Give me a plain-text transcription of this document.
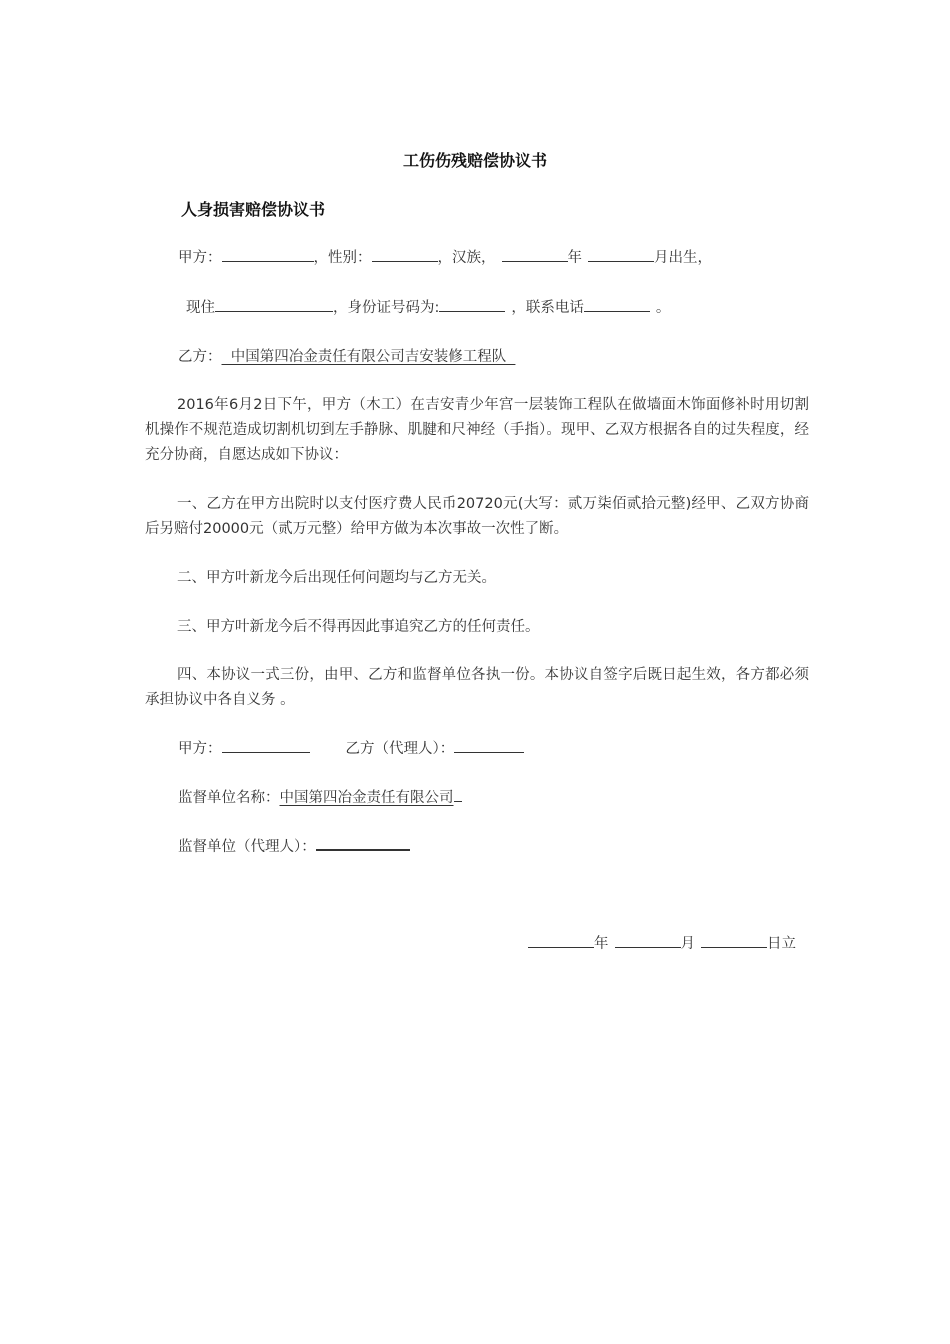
工伤伤残赔偿协议书
人身损害赔偿协议书
甲方：	，性别：	，汉族，	年	月出生，
现住	，身份证号码为:	，联系电话	。
乙方：  中国第四冶金责任有限公司吉安装修工程队
2016年6月2日下午，甲方（木工）在吉安青少年宫一层装饰工程队在做墙面木饰面修补时用切割机操作不规范造成切割机切到左手静脉、肌腱和尺神经（手指）。现甲、乙双方根据各自的过失程度，经充分协商，自愿达成如下协议：
一、乙方在甲方出院时以支付医疗费人民币20720元(大写：贰万柒佰贰拾元整)经甲、乙双方协商后另赔付20000元（贰万元整）给甲方做为本次事故一次性了断。
二、甲方叶新龙今后出现任何问题均与乙方无关。
三、甲方叶新龙今后不得再因此事追究乙方的任何责任。
四、本协议一式三份，由甲、乙方和监督单位各执一份。本协议自签字后既日起生效，各方都必须承担协议中各自义务 。
甲方：	乙方（代理人）：
监督单位名称：中国第四冶金责任有限公司
监督单位（代理人）：
年	月	日立
